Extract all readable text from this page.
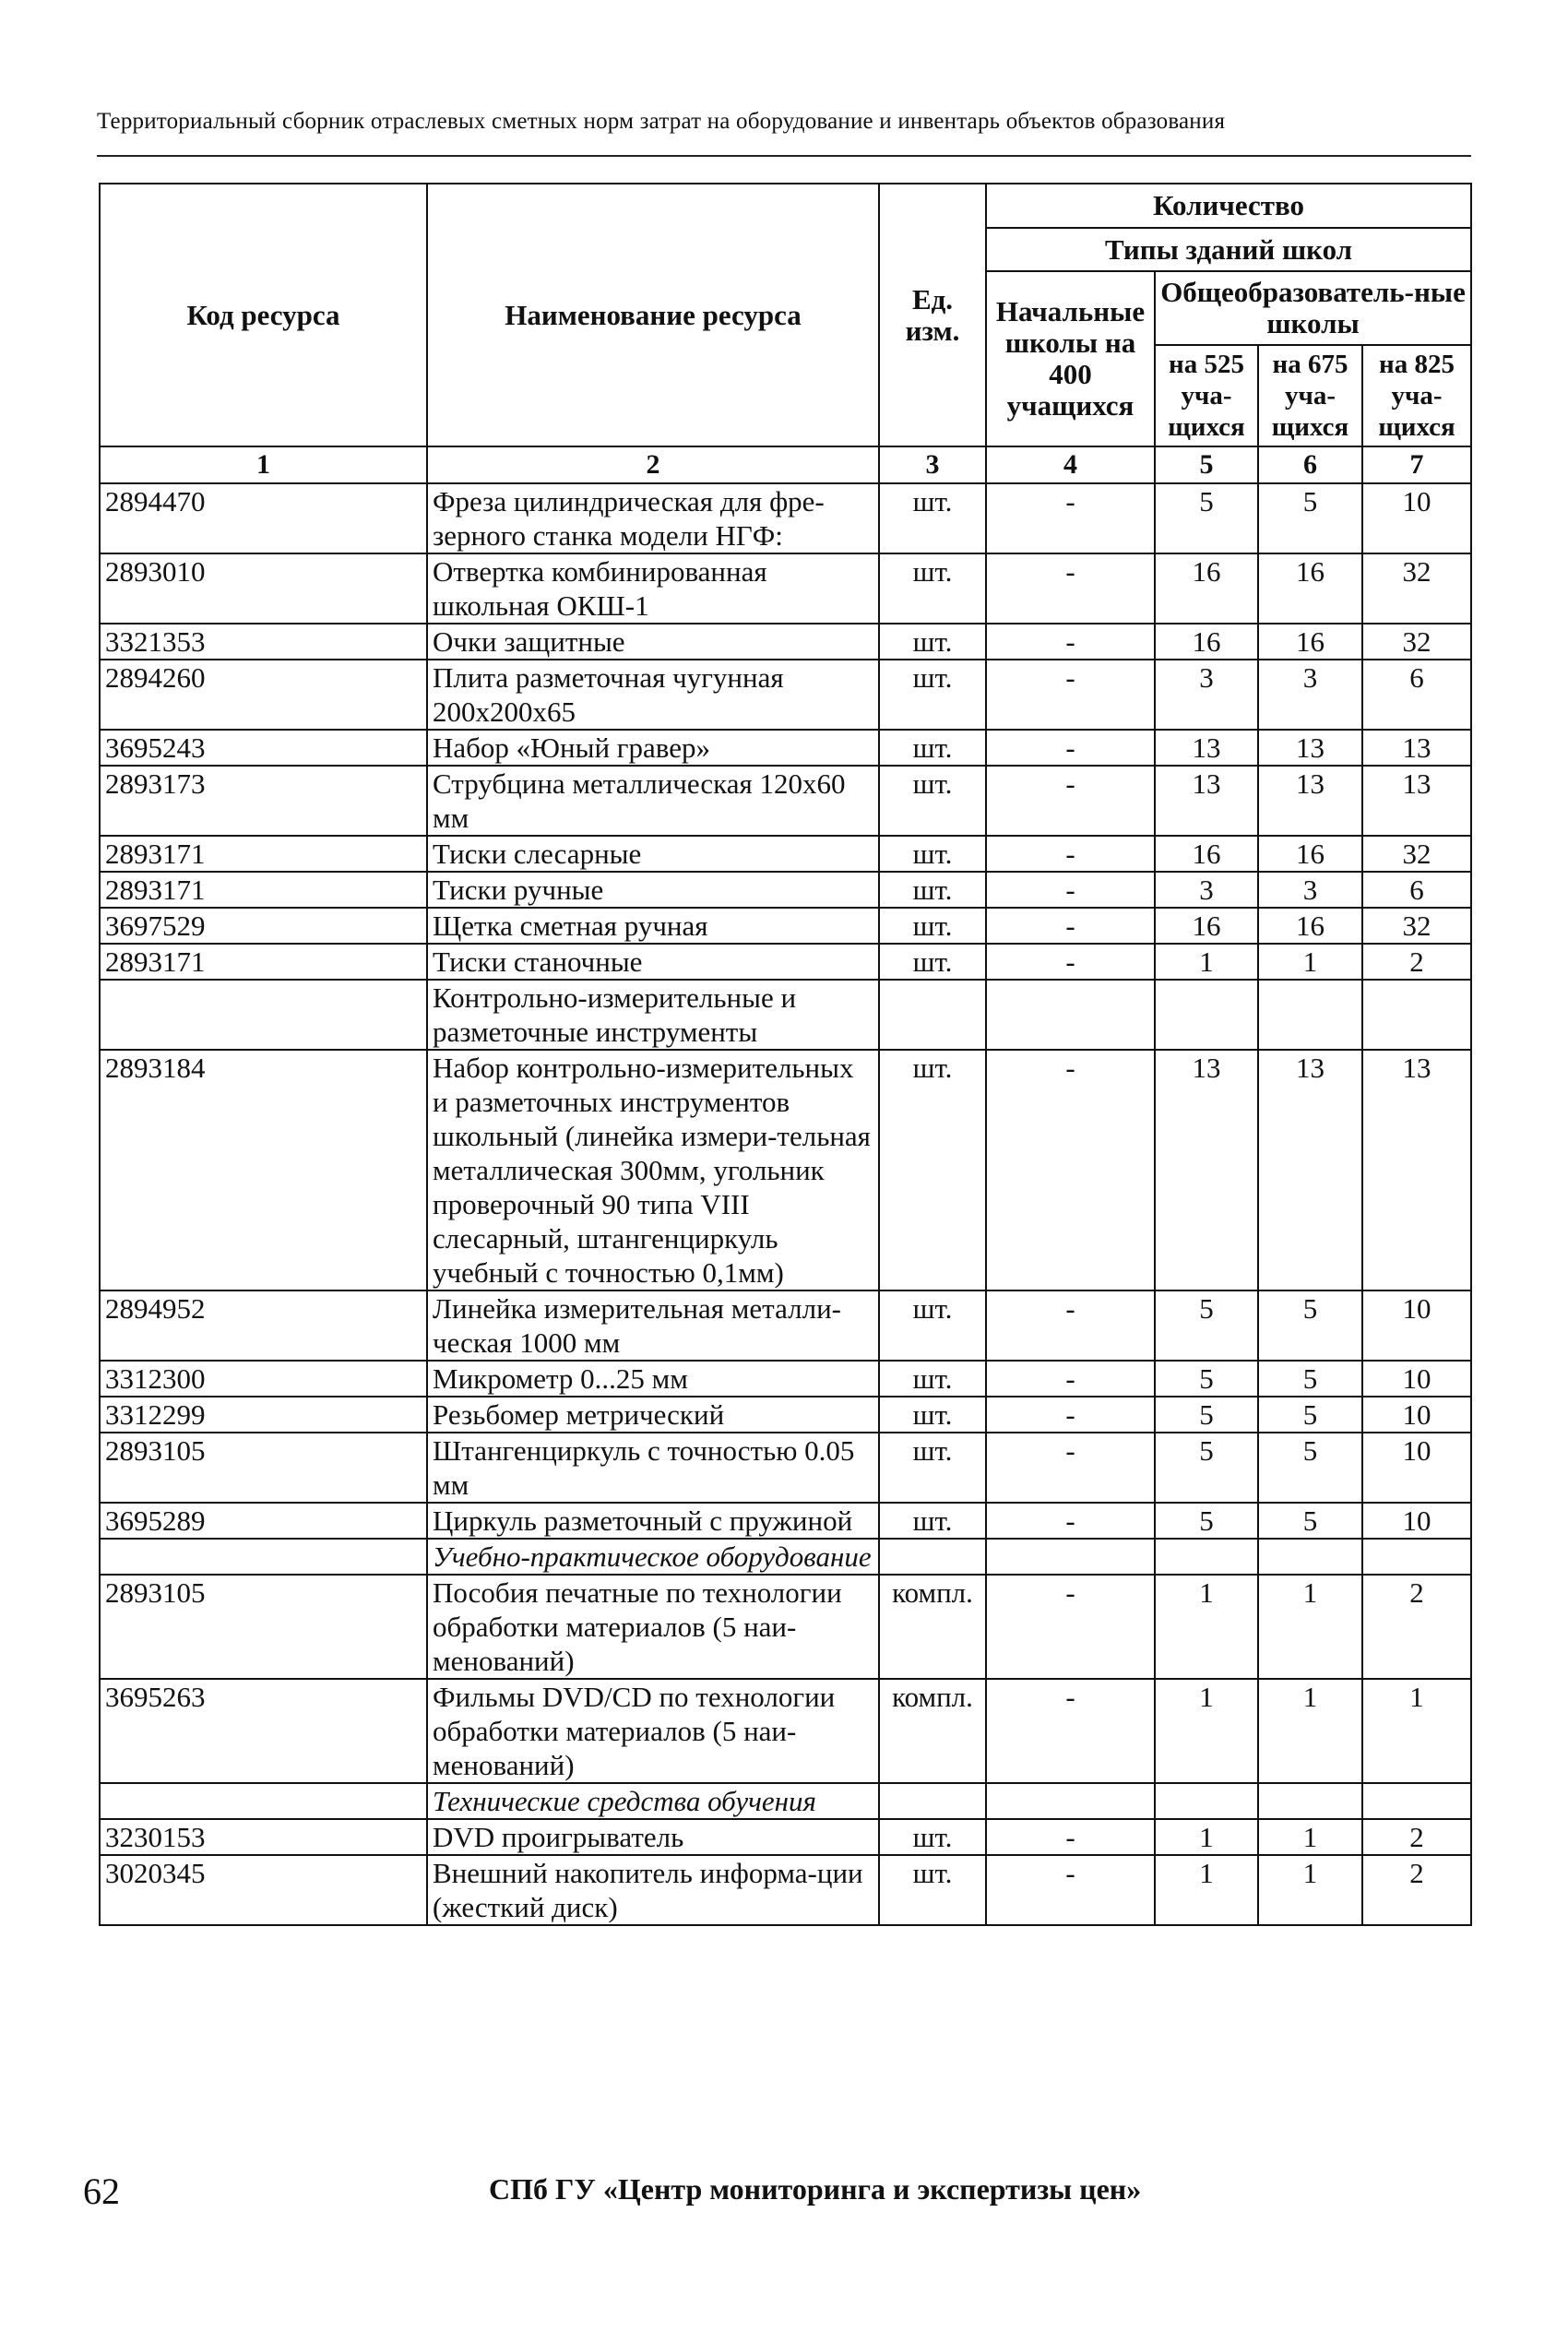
Территориальный сборник отраслевых сметных норм затрат на оборудование и инвентарь объектов образования
Код ресурса	Наименование ресурса	Ед. изм.	Количество			
			Типы зданий школ			
			Начальные школы на 400 учащихся	Общеобразователь-ные школы		
				на 525 уча-щихся	на 675 уча-щихся	на 825 уча-щихся
1	2	3	4	5	6	7
2894470	Фреза цилиндрическая для фре-зерного станка модели НГФ:	шт.	-	5	5	10
2893010	Отвертка комбинированная школьная ОКШ-1	шт.	-	16	16	32
3321353	Очки защитные	шт.	-	16	16	32
2894260	Плита разметочная чугунная 200x200x65	шт.	-	3	3	6
3695243	Набор «Юный гравер»	шт.	-	13	13	13
2893173	Струбцина металлическая 120x60 мм	шт.	-	13	13	13
2893171	Тиски слесарные	шт.	-	16	16	32
2893171	Тиски ручные	шт.	-	3	3	6
3697529	Щетка сметная ручная	шт.	-	16	16	32
2893171	Тиски станочные	шт.	-	1	1	2
	Контрольно-измерительные и разметочные инструменты					
2893184	Набор контрольно-измерительных и разметочных инструментов школьный (линейка измери-тельная металлическая 300мм, угольник проверочный 90 типа VIII слесарный, штангенциркуль учебный с точностью 0,1мм)	шт.	-	13	13	13
2894952	Линейка измерительная металли-ческая 1000 мм	шт.	-	5	5	10
3312300	Микрометр 0...25 мм	шт.	-	5	5	10
3312299	Резьбомер метрический	шт.	-	5	5	10
2893105	Штангенциркуль с точностью 0.05 мм	шт.	-	5	5	10
3695289	Циркуль разметочный с пружиной	шт.	-	5	5	10
	Учебно-практическое оборудование					
2893105	Пособия печатные по технологии обработки материалов (5 наи-менований)	компл.	-	1	1	2
3695263	Фильмы DVD/CD по технологии обработки материалов (5 наи-менований)	компл.	-	1	1	1
	Технические средства обучения					
3230153	DVD проигрыватель	шт.	-	1	1	2
3020345	Внешний накопитель информа-ции (жесткий диск)	шт.	-	1	1	2
62	СПб ГУ «Центр мониторинга и экспертизы цен»
